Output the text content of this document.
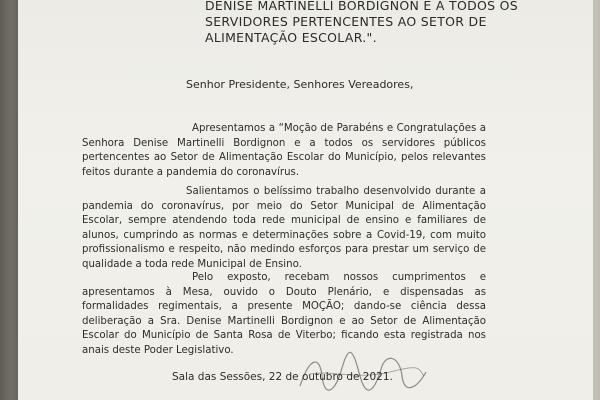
DENISE MARTINELLI BORDIGNON E A TODOS OS
SERVIDORES PERTENCENTES AO SETOR DE
ALIMENTAÇÃO ESCOLAR.".
Senhor Presidente, Senhores Vereadores,
Apresentamos a “Moção de Parabéns e Congratulações a Senhora Denise Martinelli Bordignon e a todos os servidores públicos pertencentes ao Setor de Alimentação Escolar do Município, pelos relevantes feitos durante a pandemia do coronavírus.
Salientamos o belíssimo trabalho desenvolvido durante a pandemia do coronavírus, por meio do Setor Municipal de Alimentação Escolar, sempre atendendo toda rede municipal de ensino e familiares de alunos, cumprindo as normas e determinações sobre a Covid-19, com muito profissionalismo e respeito, não medindo esforços para prestar um serviço de qualidade a toda rede Municipal de Ensino.
Pelo exposto, recebam nossos cumprimentos e apresentamos à Mesa, ouvido o Douto Plenário, e dispensadas as formalidades regimentais, a presente MOÇÃO; dando-se ciência dessa deliberação a Sra. Denise Martinelli Bordignon e ao Setor de Alimentação Escolar do Município de Santa Rosa de Viterbo; ficando esta registrada nos anais deste Poder Legislativo.
Sala das Sessões, 22 de outubro de 2021.
